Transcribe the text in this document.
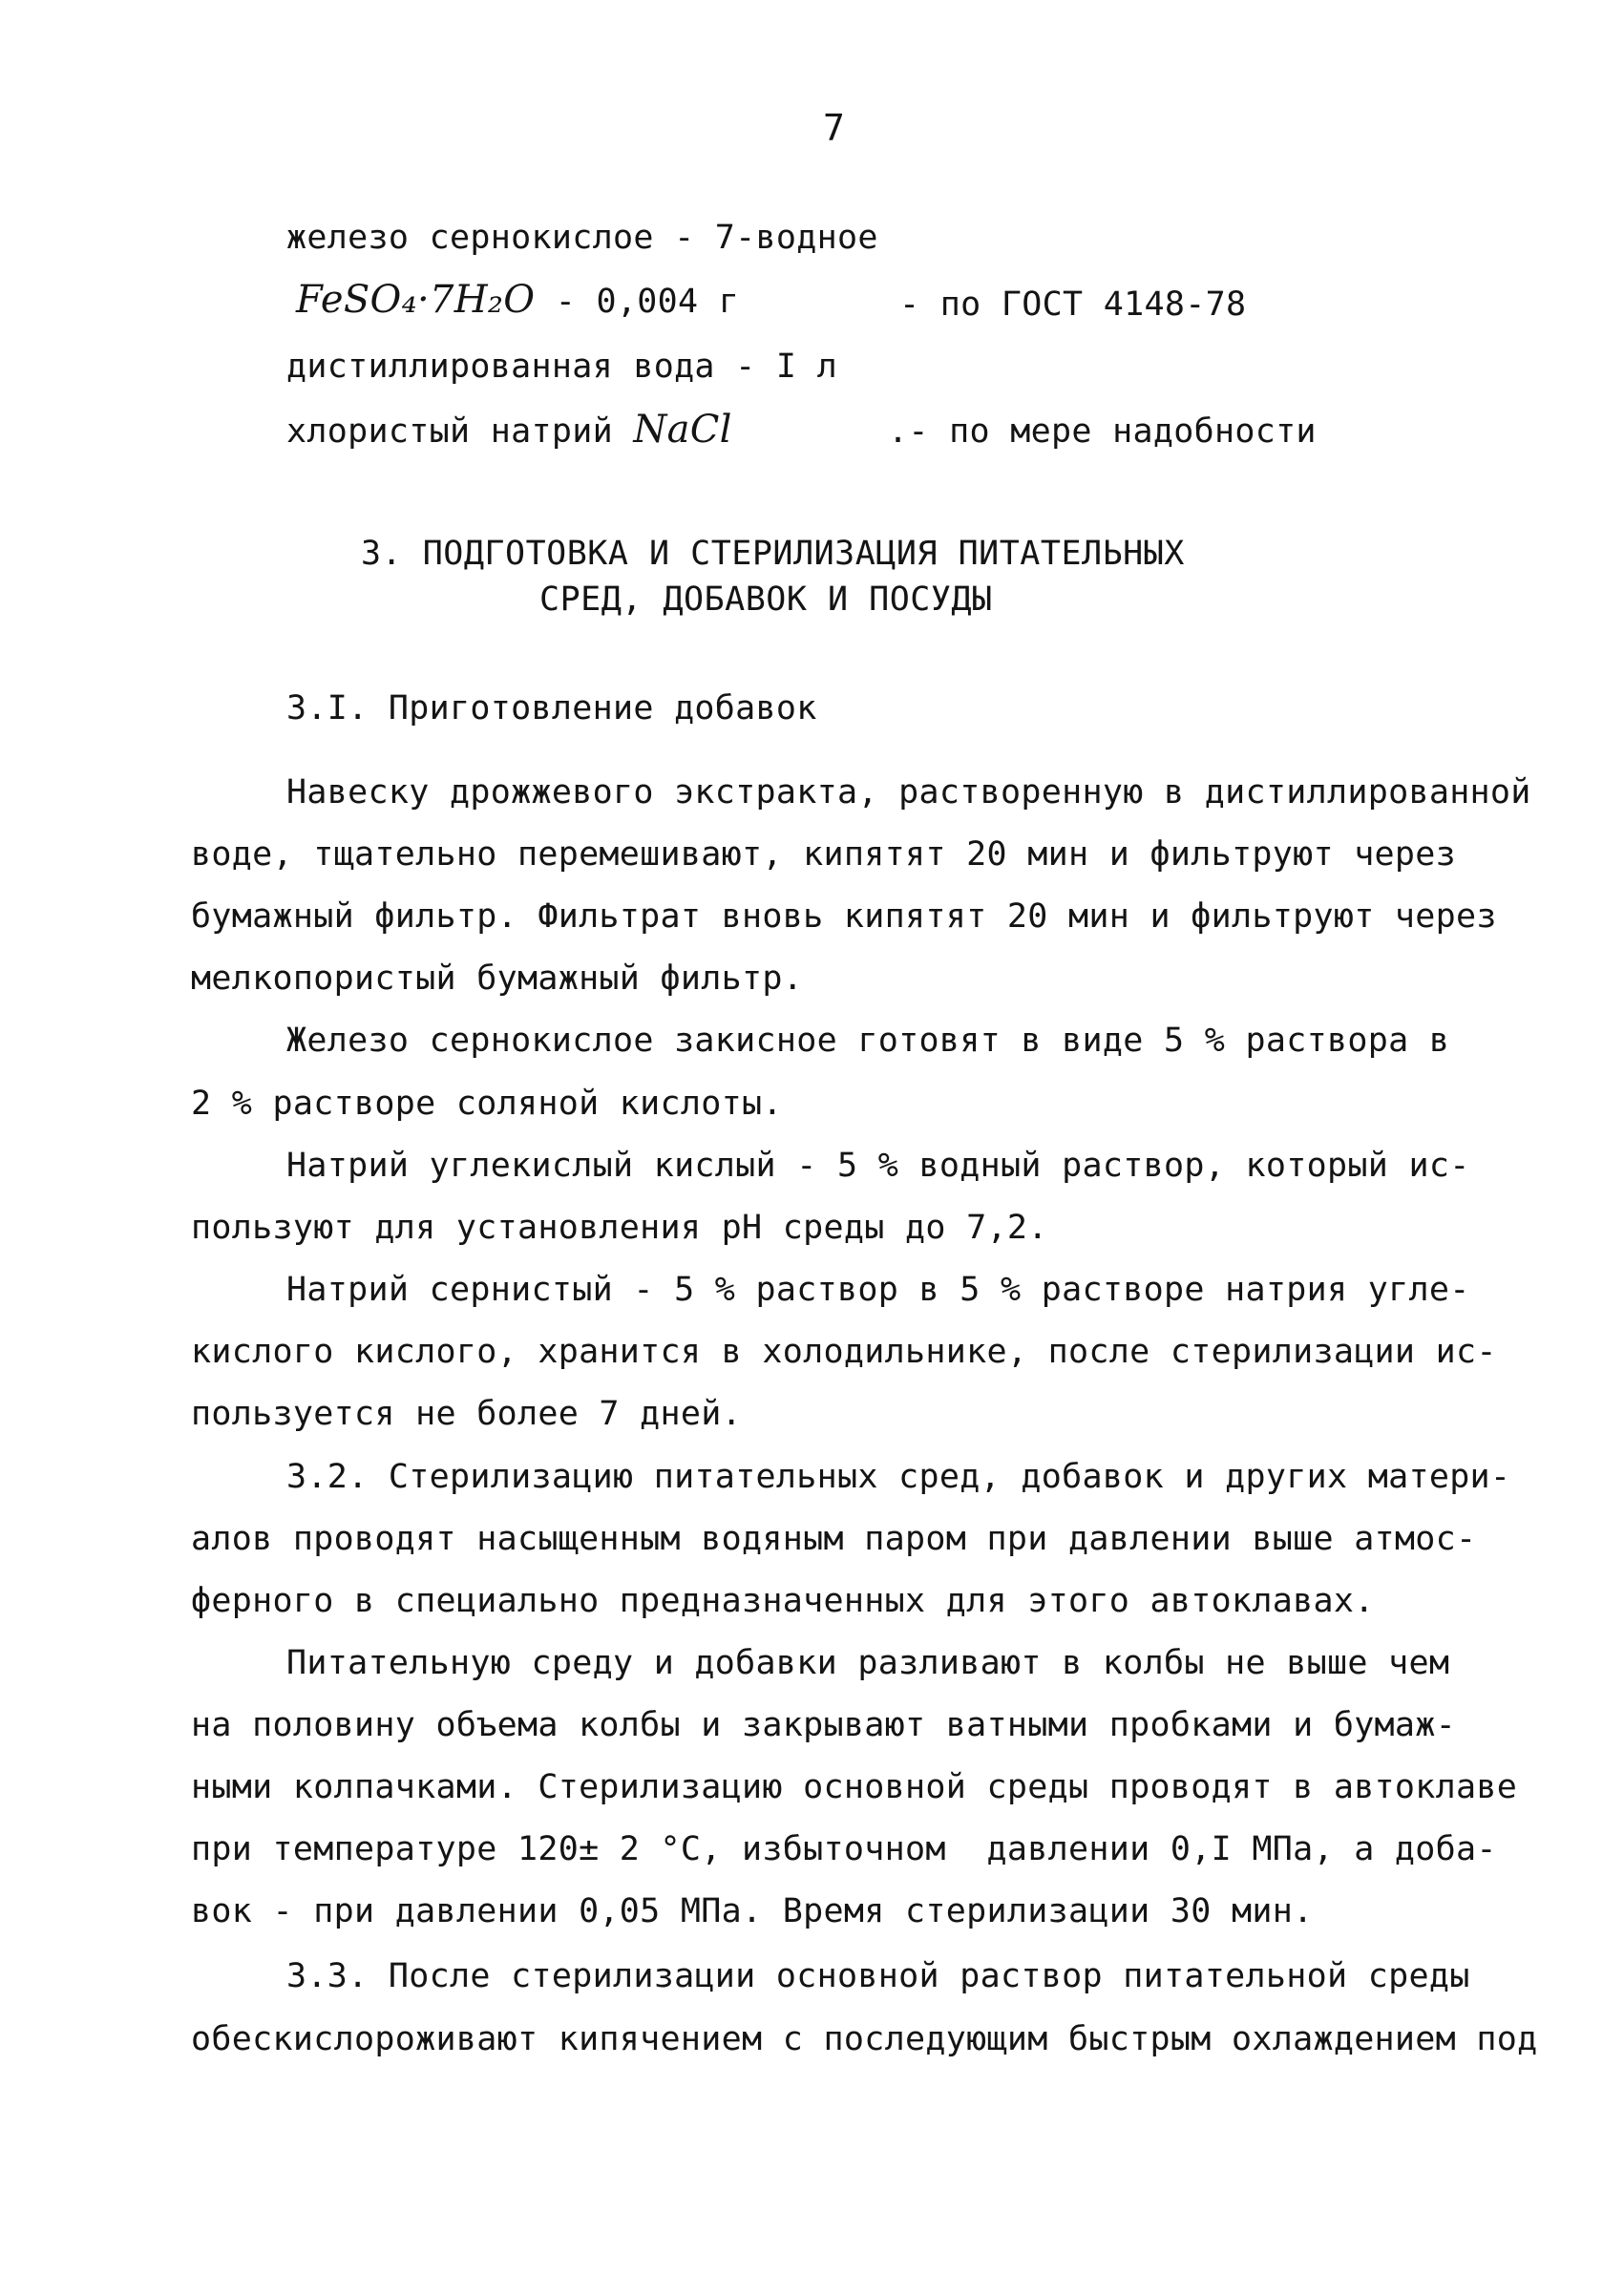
7
железо сернокислое - 7-водное
FeSO₄·7H₂O - 0,004 г	- по ГОСТ 4148-78
дистиллированная вода - I л
хлористый натрий NaCl	.- по мере надобности
3. ПОДГОТОВКА И СТЕРИЛИЗАЦИЯ ПИТАТЕЛЬНЫХ
СРЕД, ДОБАВОК И ПОСУДЫ
3.I. Приготовление добавок
Навеску дрожжевого экстракта, растворенную в дистиллированной
воде, тщательно перемешивают, кипятят 20 мин и фильтруют через
бумажный фильтр. Фильтрат вновь кипятят 20 мин и фильтруют через
мелкопористый бумажный фильтр.
Железо сернокислое закисное готовят в виде 5 % раствора в
2 % растворе соляной кислоты.
Натрий углекислый кислый - 5 % водный раствор, который ис-
пользуют для установления рН среды до 7,2.
Натрий сернистый - 5 % раствор в 5 % растворе натрия угле-
кислого кислого, хранится в холодильнике, после стерилизации ис-
пользуется не более 7 дней.
3.2. Стерилизацию питательных сред, добавок и других матери-
алов проводят насыщенным водяным паром при давлении выше атмос-
ферного в специально предназначенных для этого автоклавах.
Питательную среду и добавки разливают в колбы не выше чем
на половину объема колбы и закрывают ватными пробками и бумаж-
ными колпачками. Стерилизацию основной среды проводят в автоклаве
при температуре 120± 2 °С, избыточном  давлении 0,I МПа, а доба-
вок - при давлении 0,05 МПа. Время стерилизации 30 мин.
3.3. После стерилизации основной раствор питательной среды
обескислороживают кипячением с последующим быстрым охлаждением под
